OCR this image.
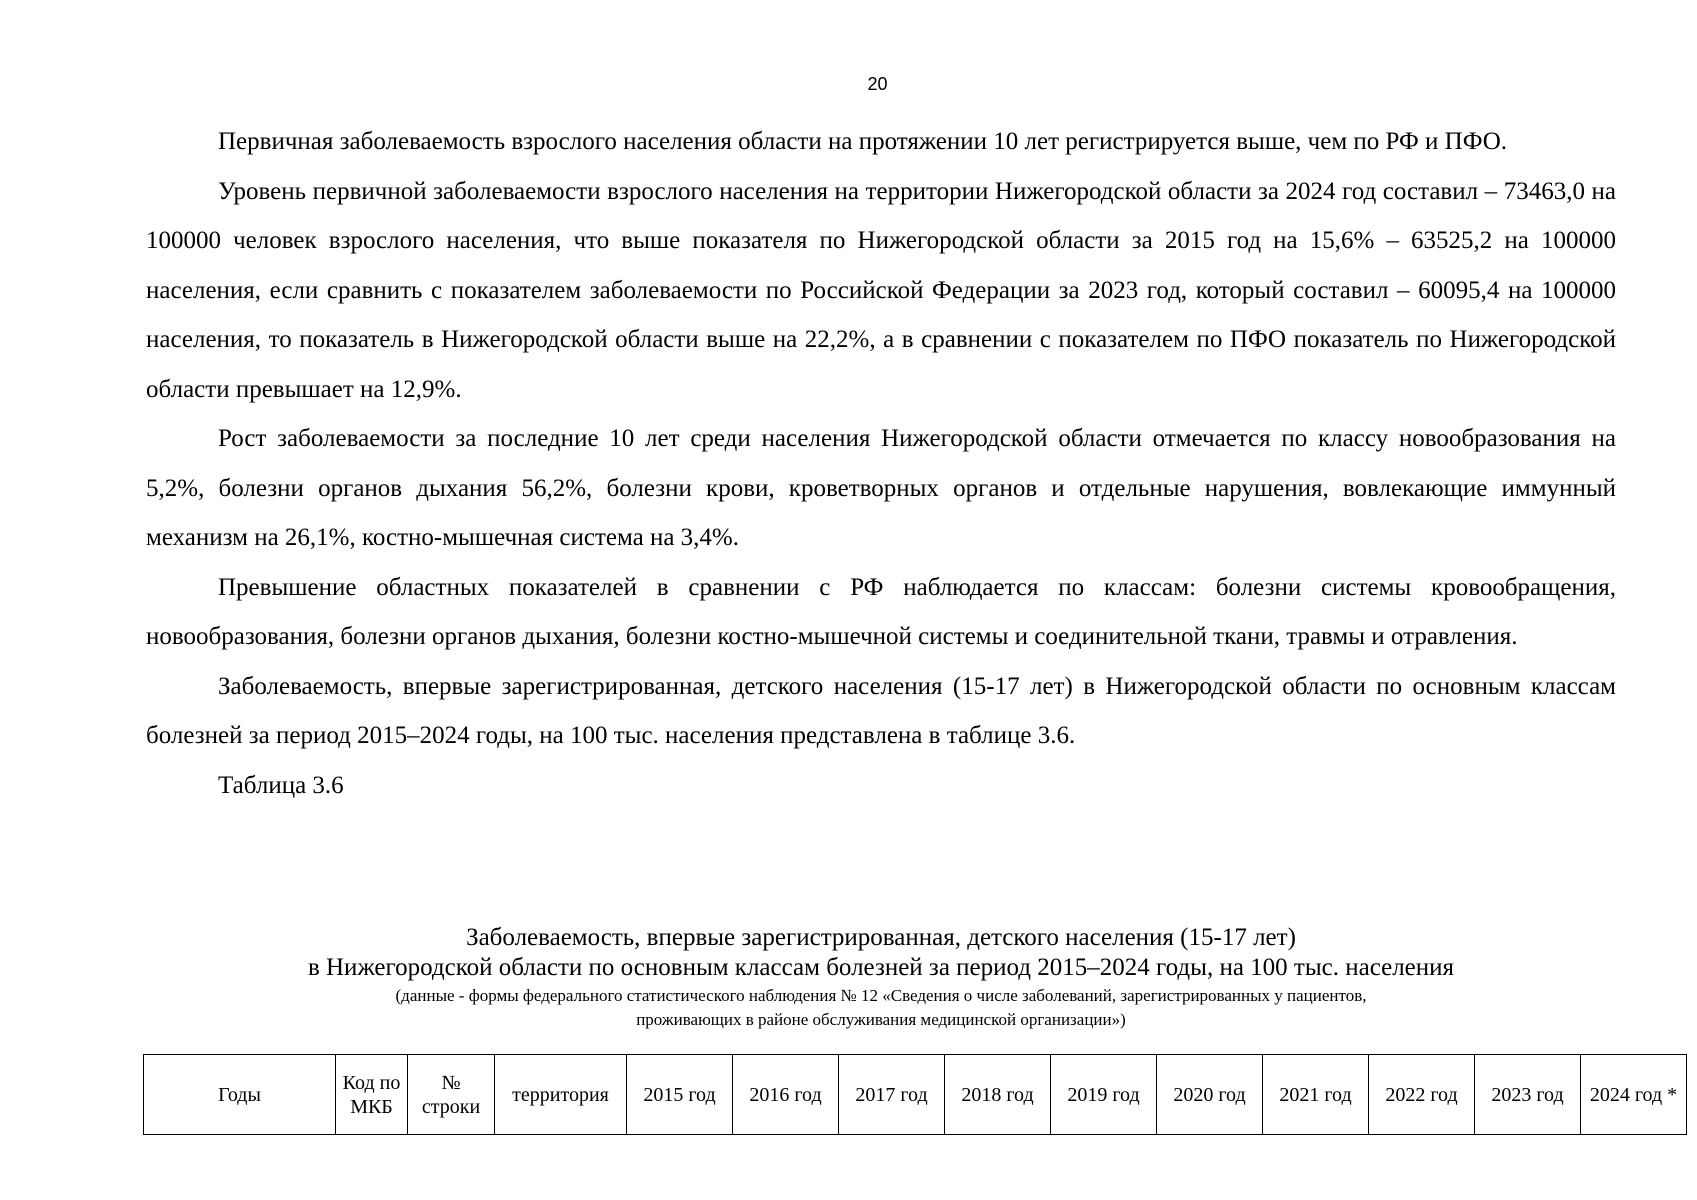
20

Первичная заболеваемость взрослого населения области на протяжении 10 лет регистрируется выше, чем по РФ и ПФО.

Уровень первичной заболеваемости взрослого населения на территории Нижегородской области за 2024 год составил – 73463,0 на 100000 человек взрослого населения, что выше показателя по Нижегородской области за 2015 год на 15,6% – 63525,2 на 100000 населения, если сравнить с показателем заболеваемости по Российской Федерации за 2023 год, который составил – 60095,4 на 100000 населения, то показатель в Нижегородской области выше на 22,2%, а в сравнении с показателем по ПФО показатель по Нижегородской области превышает на 12,9%.

Рост заболеваемости за последние 10 лет среди населения Нижегородской области отмечается по классу новообразования на 5,2%, болезни органов дыхания 56,2%, болезни крови, кроветворных органов и отдельные нарушения, вовлекающие иммунный механизм на 26,1%, костно-мышечная система на 3,4%.

Превышение областных показателей в сравнении с РФ наблюдается по классам: болезни системы кровообращения, новообразования, болезни органов дыхания, болезни костно-мышечной системы и соединительной ткани, травмы и отравления.

Заболеваемость, впервые зарегистрированная, детского населения (15-17 лет) в Нижегородской области по основным классам болезней за период 2015–2024 годы, на 100 тыс. населения представлена в таблице 3.6.

Таблица 3.6

Заболеваемость, впервые зарегистрированная, детского населения (15-17 лет)
в Нижегородской области по основным классам болезней за период 2015–2024 годы, на 100 тыс. населения
(данные - формы федерального статистического наблюдения № 12 «Сведения о числе заболеваний, зарегистрированных у пациентов,
проживающих в районе обслуживания медицинской организации»)
Годы	Код по МКБ	№ строки	территория	2015 год	2016 год	2017 год	2018 год	2019 год	2020 год	2021 год	2022 год	2023 год	2024 год *
